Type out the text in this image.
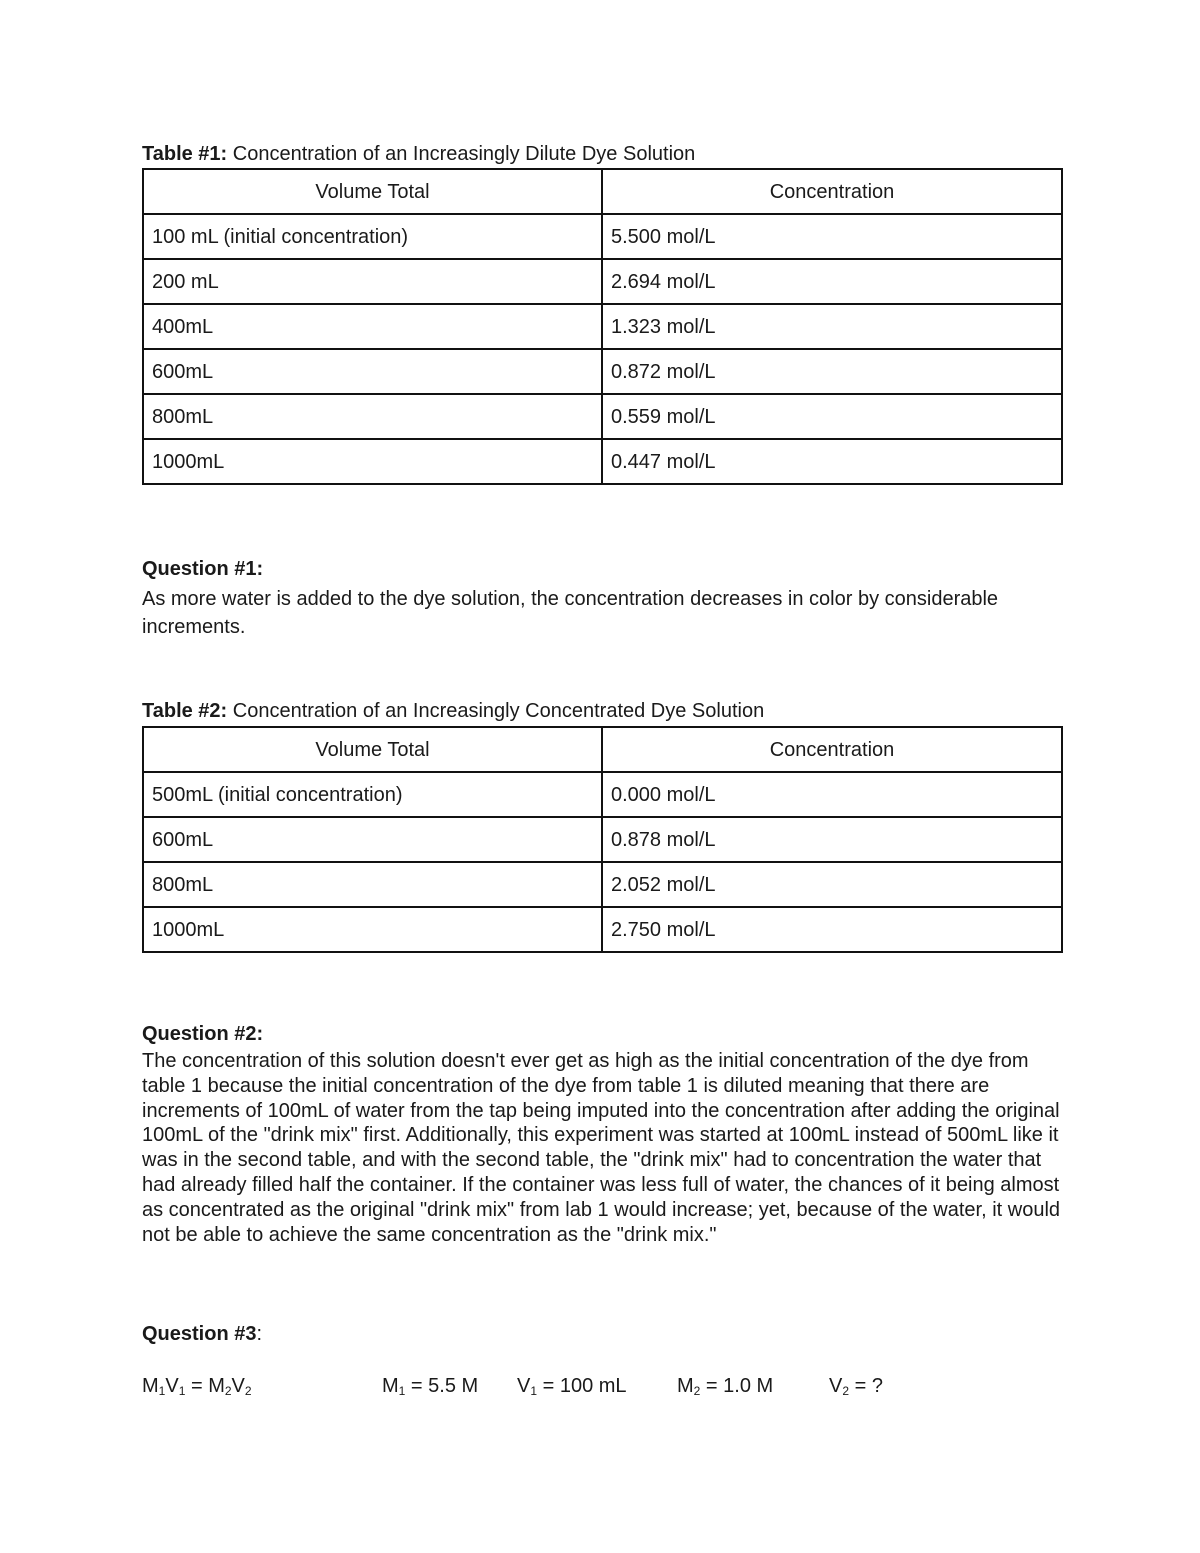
Table #1: Concentration of an Increasingly Dilute Dye Solution
Volume Total	Concentration
100 mL (initial concentration)	5.500 mol/L
200 mL	2.694 mol/L
400mL	1.323 mol/L
600mL	0.872 mol/L
800mL	0.559 mol/L
1000mL	0.447 mol/L
Question #1:
As more water is added to the dye solution, the concentration decreases in color by considerable increments.
Table #2: Concentration of an Increasingly Concentrated Dye Solution
Volume Total	Concentration
500mL (initial concentration)	0.000 mol/L
600mL	0.878 mol/L
800mL	2.052 mol/L
1000mL	2.750 mol/L
Question #2:
The concentration of this solution doesn't ever get as high as the initial concentration of the dye from table 1 because the initial concentration of the dye from table 1 is diluted meaning that there are increments of 100mL of water from the tap being imputed into the concentration after adding the original 100mL of the "drink mix" first. Additionally, this experiment was started at 100mL instead of 500mL like it was in the second table, and with the second table, the "drink mix" had to concentration the water that had already filled half the container. If the container was less full of water, the chances of it being almost as concentrated as the original "drink mix" from lab 1 would increase; yet, because of the water, it would not be able to achieve the same concentration as the "drink mix."
Question #3:
$M_1V_1 = M_2V_2$	$M_1 = 5.5$ M $V_1 = 100$ mL	$M_2 = 1.0$ M	$V_2$ = ?
